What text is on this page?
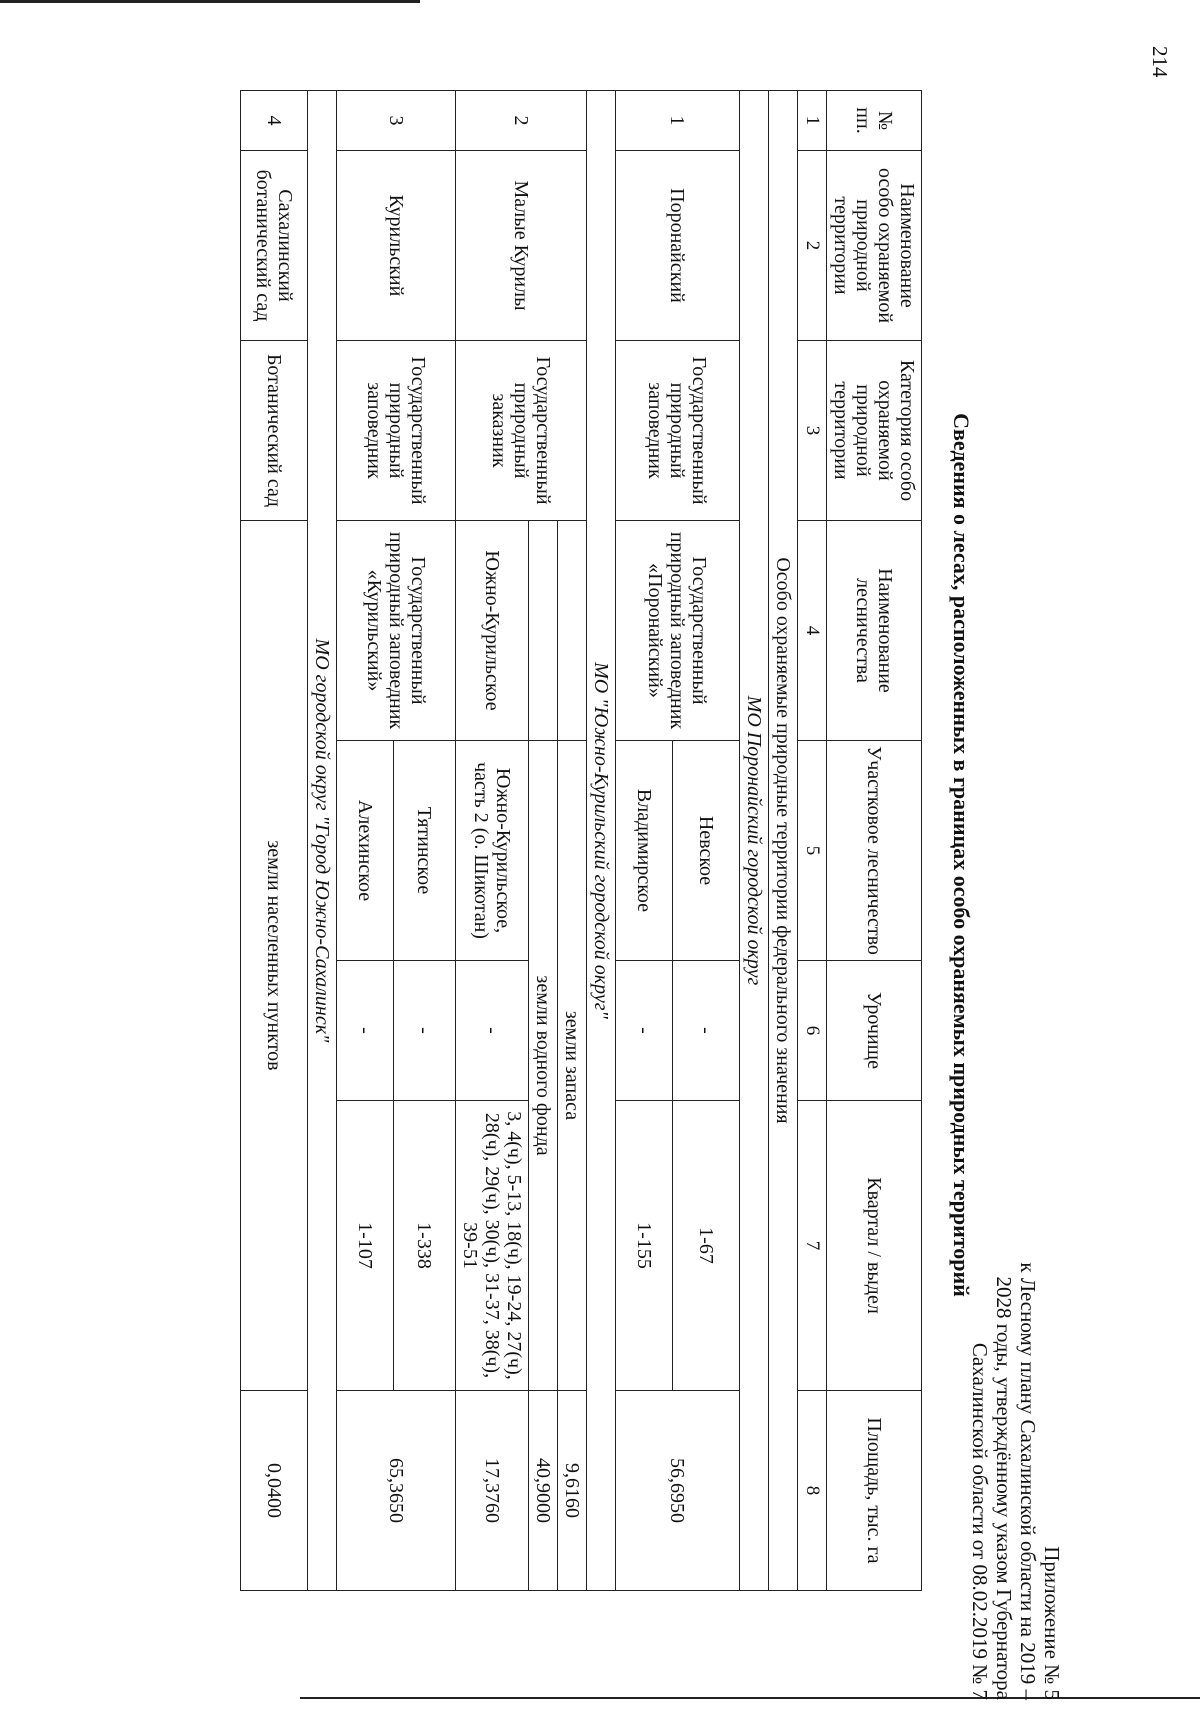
Приложение № 5
к Лесному плану Сахалинской области на 2019 –
2028 годы, утверждённому указом Губернатора
Сахалинской области от 08.02.2019 № 7
Сведения о лесах, расположенных в границах особо охраняемых природных территорий
№ пп.	Наименование особо охраняемой природной территории	Категория особо охраняемой природной территории	Наименование лесничества	Участковое лесничество	Урочище	Квартал / выдел	Площадь, тыс. га
1	2	3	4	5	6	7	8
Особо охраняемые природные территории федерального значения							
МО Поронайский городской округ							
1	Поронайский	Государственный природный заповедник	Государственный природный заповедник «Поронайский»	Невское	-	1-67	56,6950
				Владимирское	-	1-155	
МО "Южно-Курильский городской округ"							
2	Малые Курилы	Государственный природный заказник		земли запаса			9,6160
				земли водного фонда			40,9000
			Южно-Курильское	Южно-Курильское, часть 2 (о. Шикотан)	-	3, 4(ч), 5-13, 18(ч), 19-24, 27(ч), 28(ч), 29(ч), 30(ч), 31-37, 38(ч), 39-51	17,3760
3	Курильский	Государственный природный заповедник	Государственный природный заповедник «Курильский»	Тятинское	-	1-338	65,3650
				Алехинское	-	1-107	
МО городской округ "Город Южно-Сахалинск"							
4	Сахалинский ботанический сад	Ботанический сад	земли населенных пунктов				0,0400
214
